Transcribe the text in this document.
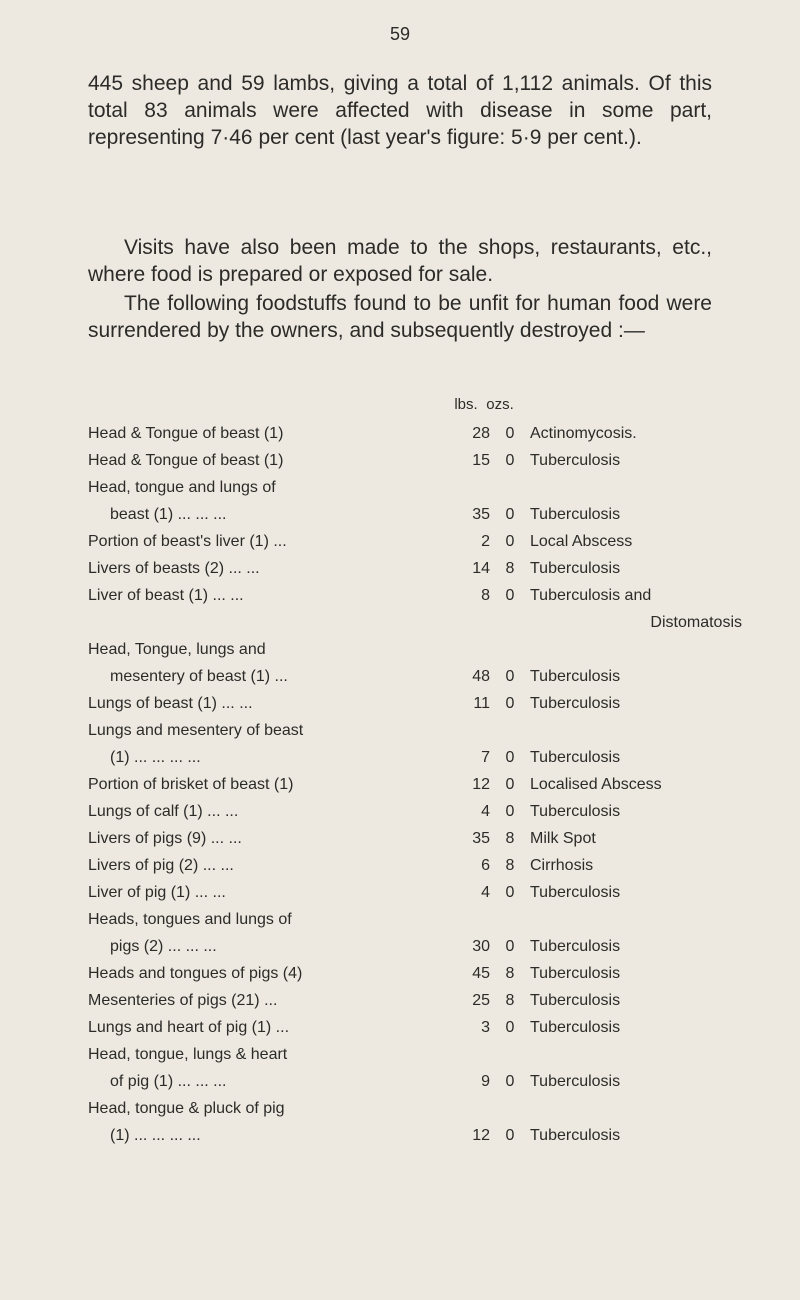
59

445 sheep and 59 lambs, giving a total of 1,112 animals. Of this total 83 animals were affected with disease in some part, representing 7·46 per cent (last year's figure: 5·9 per cent.).

Visits have also been made to the shops, restaurants, etc., where food is prepared or exposed for sale.

The following foodstuffs found to be unfit for human food were surrendered by the owners, and subsequently destroyed :—

lbs. ozs.
Head & Tongue of beast (1)	28 0 Actinomycosis.
Head & Tongue of beast (1)	15 0 Tuberculosis
Head, tongue and lungs of
beast (1) ... ... ...	35 0 Tuberculosis
Portion of beast's liver (1) ...	2 0 Local Abscess
Livers of beasts (2) ... ...	14 8 Tuberculosis
Liver of beast (1) ... ...	8 0 Tuberculosis and
Distomatosis
Head, Tongue, lungs and
mesentery of beast (1) ...	48 0 Tuberculosis
Lungs of beast (1) ... ...	11 0 Tuberculosis
Lungs and mesentery of beast
(1) ... ... ... ...	7 0 Tuberculosis
Portion of brisket of beast (1)	12 0 Localised Abscess
Lungs of calf (1) ... ...	4 0 Tuberculosis
Livers of pigs (9) ... ...	35 8 Milk Spot
Livers of pig (2) ... ...	6 8 Cirrhosis
Liver of pig (1) ... ...	4 0 Tuberculosis
Heads, tongues and lungs of
pigs (2) ... ... ...	30 0 Tuberculosis
Heads and tongues of pigs (4)	45 8 Tuberculosis
Mesenteries of pigs (21) ...	25 8 Tuberculosis
Lungs and heart of pig (1) ...	3 0 Tuberculosis
Head, tongue, lungs & heart
of pig (1) ... ... ...	9 0 Tuberculosis
Head, tongue & pluck of pig
(1) ... ... ... ...	12 0 Tuberculosis
